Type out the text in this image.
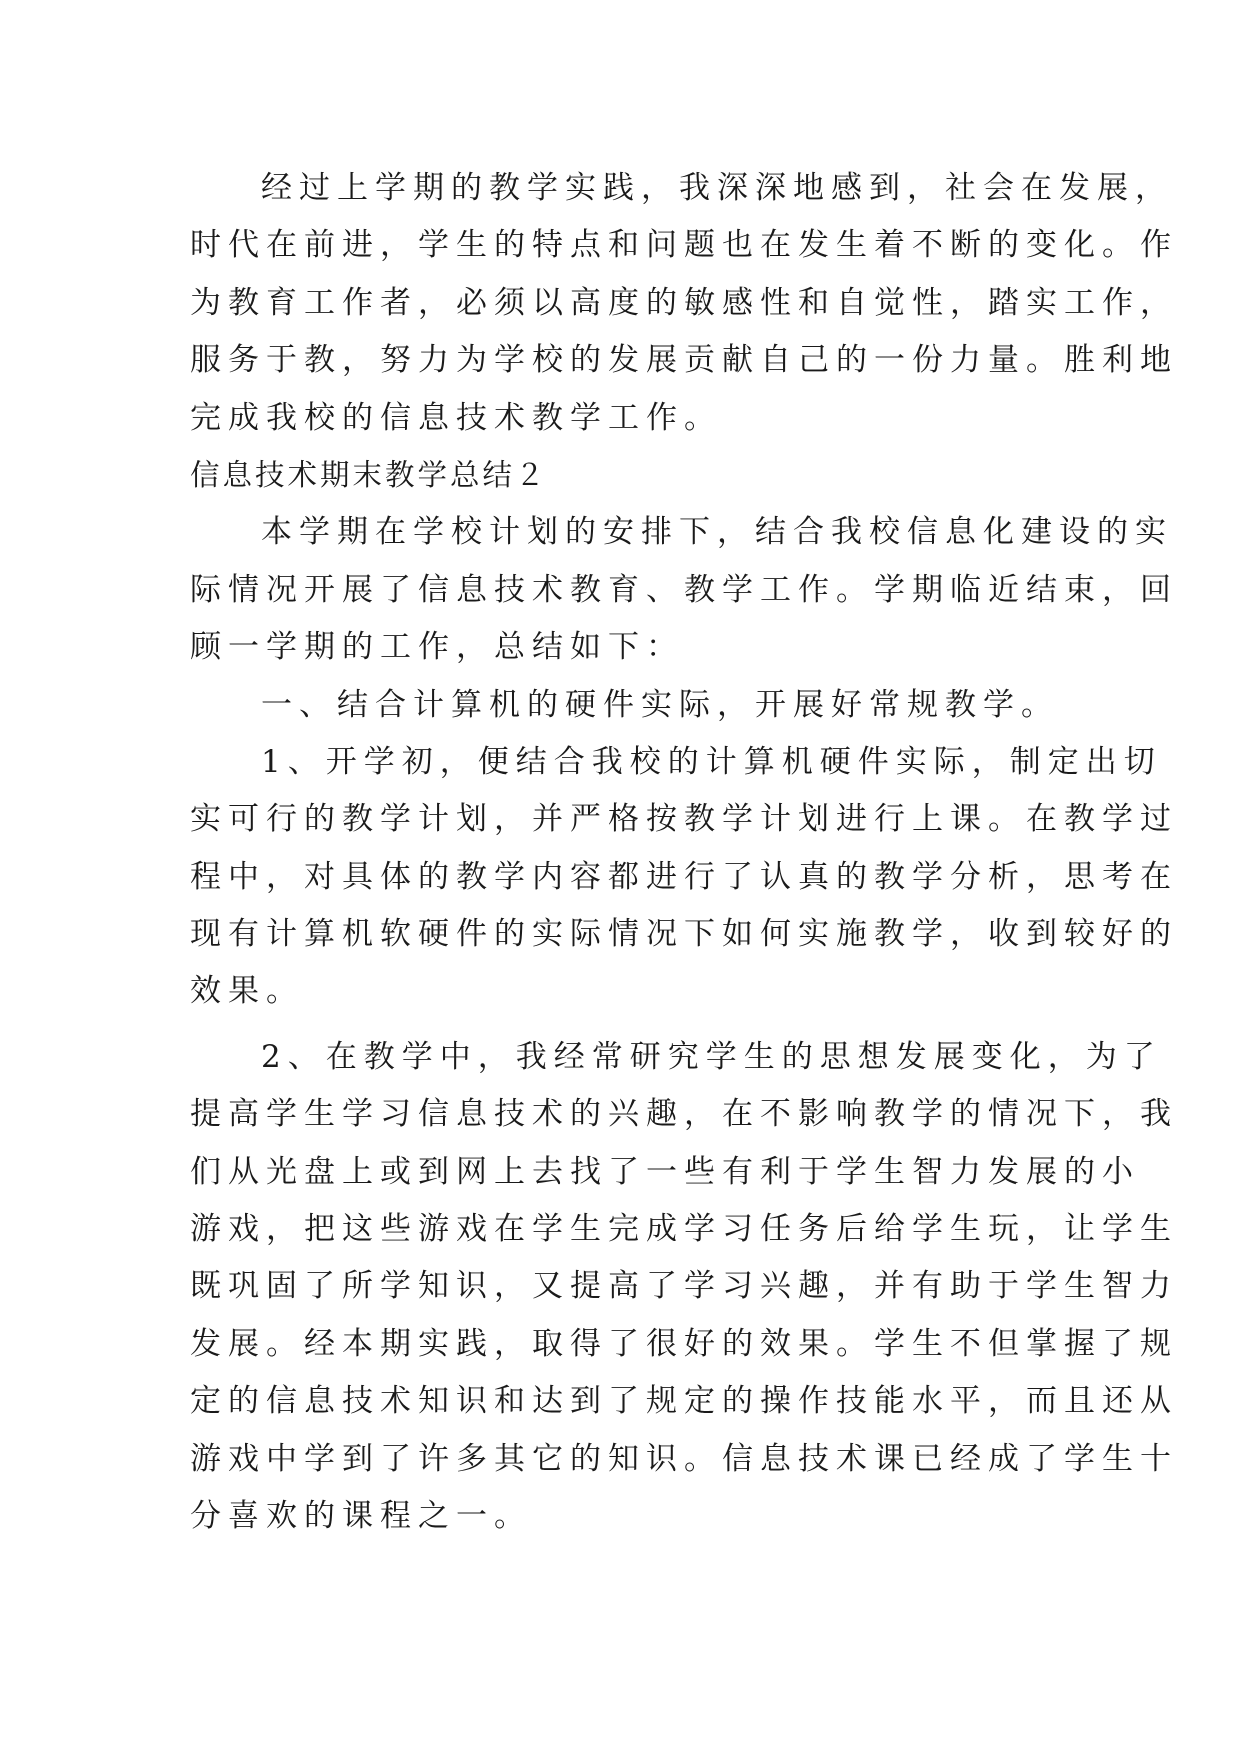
经过上学期的教学实践，我深深地感到，社会在发展，
时代在前进，学生的特点和问题也在发生着不断的变化。作
为教育工作者，必须以高度的敏感性和自觉性，踏实工作，
服务于教，努力为学校的发展贡献自己的一份力量。胜利地
完成我校的信息技术教学工作。
信息技术期末教学总结２
本学期在学校计划的安排下，结合我校信息化建设的实
际情况开展了信息技术教育、教学工作。学期临近结束，回
顾一学期的工作，总结如下：
一、结合计算机的硬件实际，开展好常规教学。
1、开学初，便结合我校的计算机硬件实际，制定出切
实可行的教学计划，并严格按教学计划进行上课。在教学过
程中，对具体的教学内容都进行了认真的教学分析，思考在
现有计算机软硬件的实际情况下如何实施教学，收到较好的
效果。
2、在教学中，我经常研究学生的思想发展变化，为了
提高学生学习信息技术的兴趣，在不影响教学的情况下，我
们从光盘上或到网上去找了一些有利于学生智力发展的小
游戏，把这些游戏在学生完成学习任务后给学生玩，让学生
既巩固了所学知识，又提高了学习兴趣，并有助于学生智力
发展。经本期实践，取得了很好的效果。学生不但掌握了规
定的信息技术知识和达到了规定的操作技能水平，而且还从
游戏中学到了许多其它的知识。信息技术课已经成了学生十
分喜欢的课程之一。
